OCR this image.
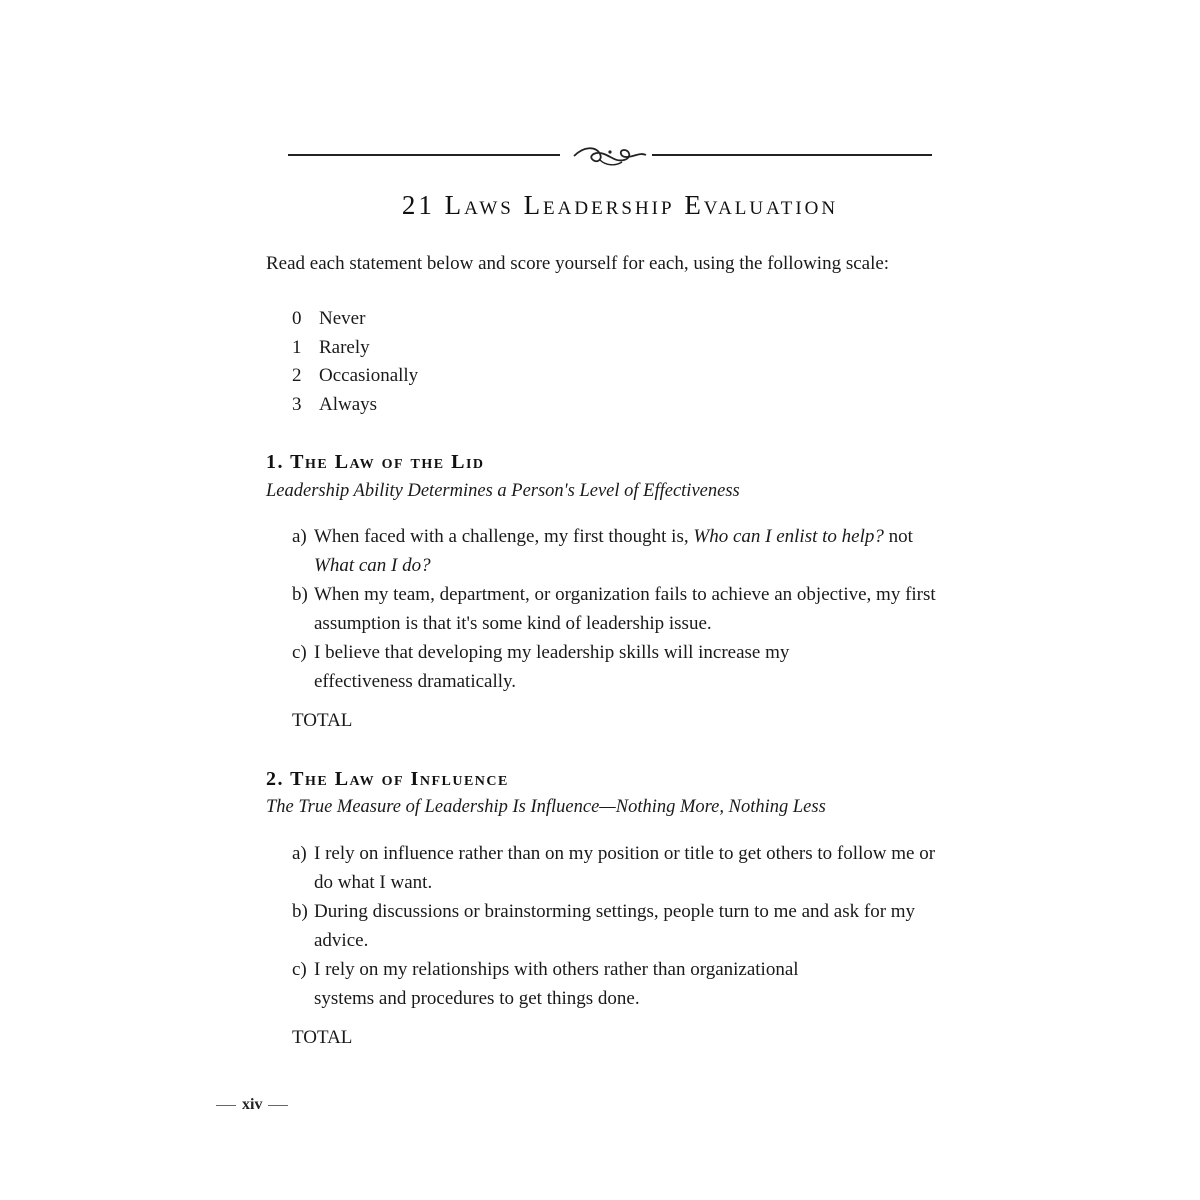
21 Laws Leadership Evaluation
Read each statement below and score yourself for each, using the following scale:
0 Never
1 Rarely
2 Occasionally
3 Always
1. The Law of the Lid
Leadership Ability Determines a Person's Level of Effectiveness
a) When faced with a challenge, my first thought is, Who can I enlist to help? not
What can I do?
b) When my team, department, or organization fails to achieve an objective, my first assumption is that it's some kind of leadership issue.
c) I believe that developing my leadership skills will increase my effectiveness dramatically.
TOTAL
2. The Law of Influence
The True Measure of Leadership Is Influence—Nothing More, Nothing Less
a) I rely on influence rather than on my position or title to get others to follow me or do what I want.
b) During discussions or brainstorming settings, people turn to me and ask for my advice.
c) I rely on my relationships with others rather than organizational systems and procedures to get things done.
TOTAL
xiv
